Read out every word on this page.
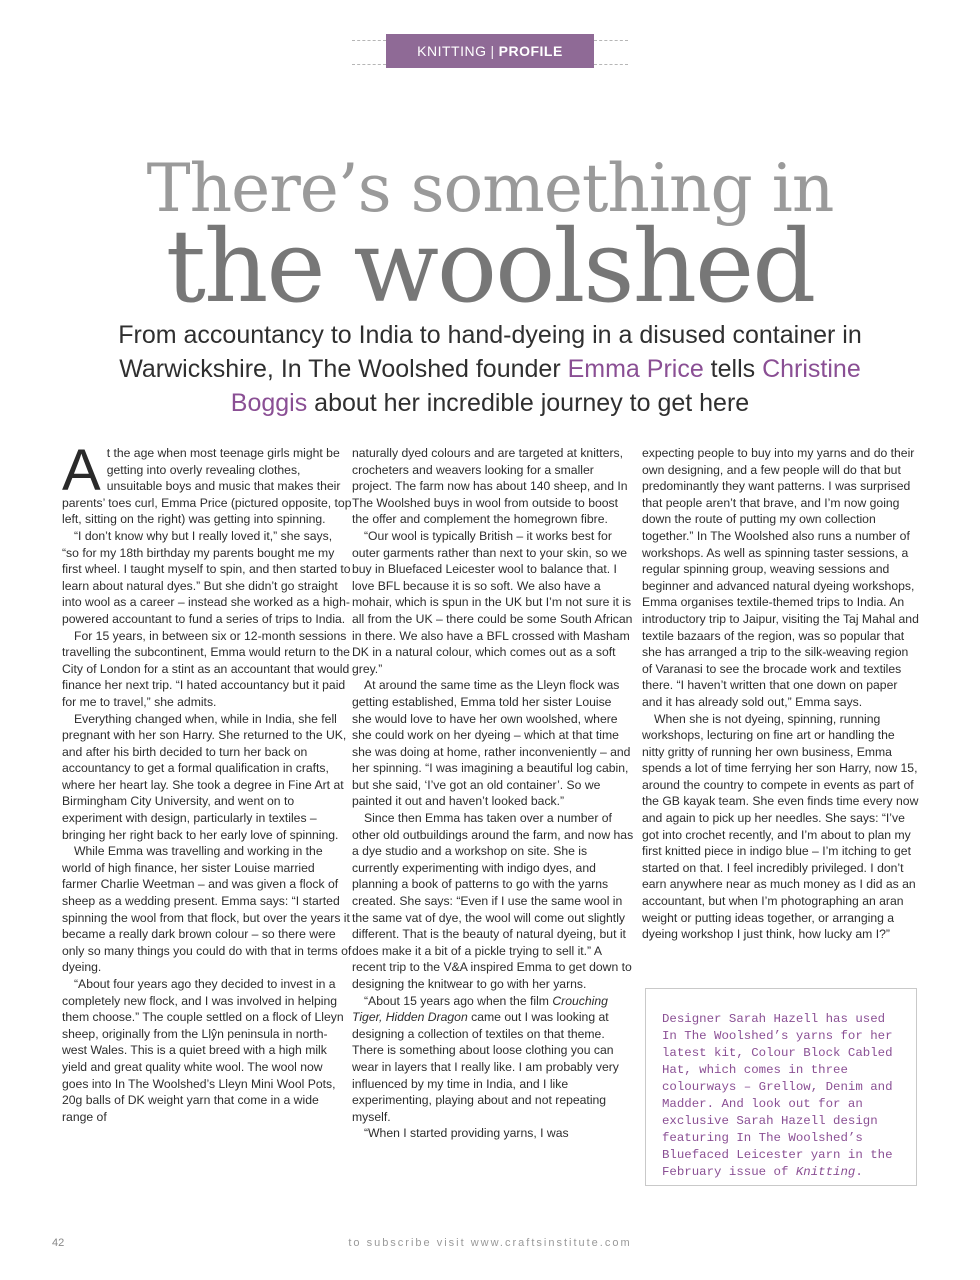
KNITTING | PROFILE
There’s something in
the woolshed

From accountancy to India to hand-dyeing in a disused container in Warwickshire, In The Woolshed founder Emma Price tells Christine Boggis about her incredible journey to get here

At the age when most teenage girls might be getting into overly revealing clothes, unsuitable boys and music that makes their parents’ toes curl, Emma Price (pictured opposite, top left, sitting on the right) was getting into spinning.

“I don’t know why but I really loved it,” she says, “so for my 18th birthday my parents bought me my first wheel. I taught myself to spin, and then started to learn about natural dyes.” But she didn’t go straight into wool as a career – instead she worked as a high-powered accountant to fund a series of trips to India.

For 15 years, in between six or 12-month sessions travelling the subcontinent, Emma would return to the City of London for a stint as an accountant that would finance her next trip. “I hated accountancy but it paid for me to travel,” she admits.

Everything changed when, while in India, she fell pregnant with her son Harry. She returned to the UK, and after his birth decided to turn her back on accountancy to get a formal qualification in crafts, where her heart lay. She took a degree in Fine Art at Birmingham City University, and went on to experiment with design, particularly in textiles – bringing her right back to her early love of spinning.

While Emma was travelling and working in the world of high finance, her sister Louise married farmer Charlie Weetman – and was given a flock of sheep as a wedding present. Emma says: “I started spinning the wool from that flock, but over the years it became a really dark brown colour – so there were only so many things you could do with that in terms of dyeing.

“About four years ago they decided to invest in a completely new flock, and I was involved in helping them choose.” The couple settled on a flock of Lleyn sheep, originally from the Llŷn peninsula in north-west Wales. This is a quiet breed with a high milk yield and great quality white wool. The wool now goes into In The Woolshed’s Lleyn Mini Wool Pots, 20g balls of DK weight yarn that come in a wide range of

naturally dyed colours and are targeted at knitters, crocheters and weavers looking for a smaller project. The farm now has about 140 sheep, and In The Woolshed buys in wool from outside to boost the offer and complement the homegrown fibre.

“Our wool is typically British – it works best for outer garments rather than next to your skin, so we buy in Bluefaced Leicester wool to balance that. I love BFL because it is so soft. We also have a mohair, which is spun in the UK but I’m not sure it is all from the UK – there could be some South African in there. We also have a BFL crossed with Masham DK in a natural colour, which comes out as a soft grey.”

At around the same time as the Lleyn flock was getting established, Emma told her sister Louise she would love to have her own woolshed, where she could work on her dyeing – which at that time she was doing at home, rather inconveniently – and her spinning. “I was imagining a beautiful log cabin, but she said, ‘I’ve got an old container’. So we painted it out and haven’t looked back.”

Since then Emma has taken over a number of other old outbuildings around the farm, and now has a dye studio and a workshop on site. She is currently experimenting with indigo dyes, and planning a book of patterns to go with the yarns created. She says: “Even if I use the same wool in the same vat of dye, the wool will come out slightly different. That is the beauty of natural dyeing, but it does make it a bit of a pickle trying to sell it.” A recent trip to the V&A inspired Emma to get down to designing the knitwear to go with her yarns.

“About 15 years ago when the film Crouching Tiger, Hidden Dragon came out I was looking at designing a collection of textiles on that theme. There is something about loose clothing you can wear in layers that I really like. I am probably very influenced by my time in India, and I like experimenting, playing about and not repeating myself.

“When I started providing yarns, I was

expecting people to buy into my yarns and do their own designing, and a few people will do that but predominantly they want patterns. I was surprised that people aren’t that brave, and I’m now going down the route of putting my own collection together.” In The Woolshed also runs a number of workshops. As well as spinning taster sessions, a regular spinning group, weaving sessions and beginner and advanced natural dyeing workshops, Emma organises textile-themed trips to India. An introductory trip to Jaipur, visiting the Taj Mahal and textile bazaars of the region, was so popular that she has arranged a trip to the silk-weaving region of Varanasi to see the brocade work and textiles there. “I haven’t written that one down on paper and it has already sold out,” Emma says.

When she is not dyeing, spinning, running workshops, lecturing on fine art or handling the nitty gritty of running her own business, Emma spends a lot of time ferrying her son Harry, now 15, around the country to compete in events as part of the GB kayak team. She even finds time every now and again to pick up her needles. She says: “I’ve got into crochet recently, and I’m about to plan my first knitted piece in indigo blue – I’m itching to get started on that. I feel incredibly privileged. I don’t earn anywhere near as much money as I did as an accountant, but when I’m photographing an aran weight or putting ideas together, or arranging a dyeing workshop I just think, how lucky am I?”

Designer Sarah Hazell has used In The Woolshed’s yarns for her latest kit, Colour Block Cabled Hat, which comes in three colourways – Grellow, Denim and Madder. And look out for an exclusive Sarah Hazell design featuring In The Woolshed’s Bluefaced Leicester yarn in the February issue of Knitting.
42	to subscribe visit www.craftsinstitute.com
